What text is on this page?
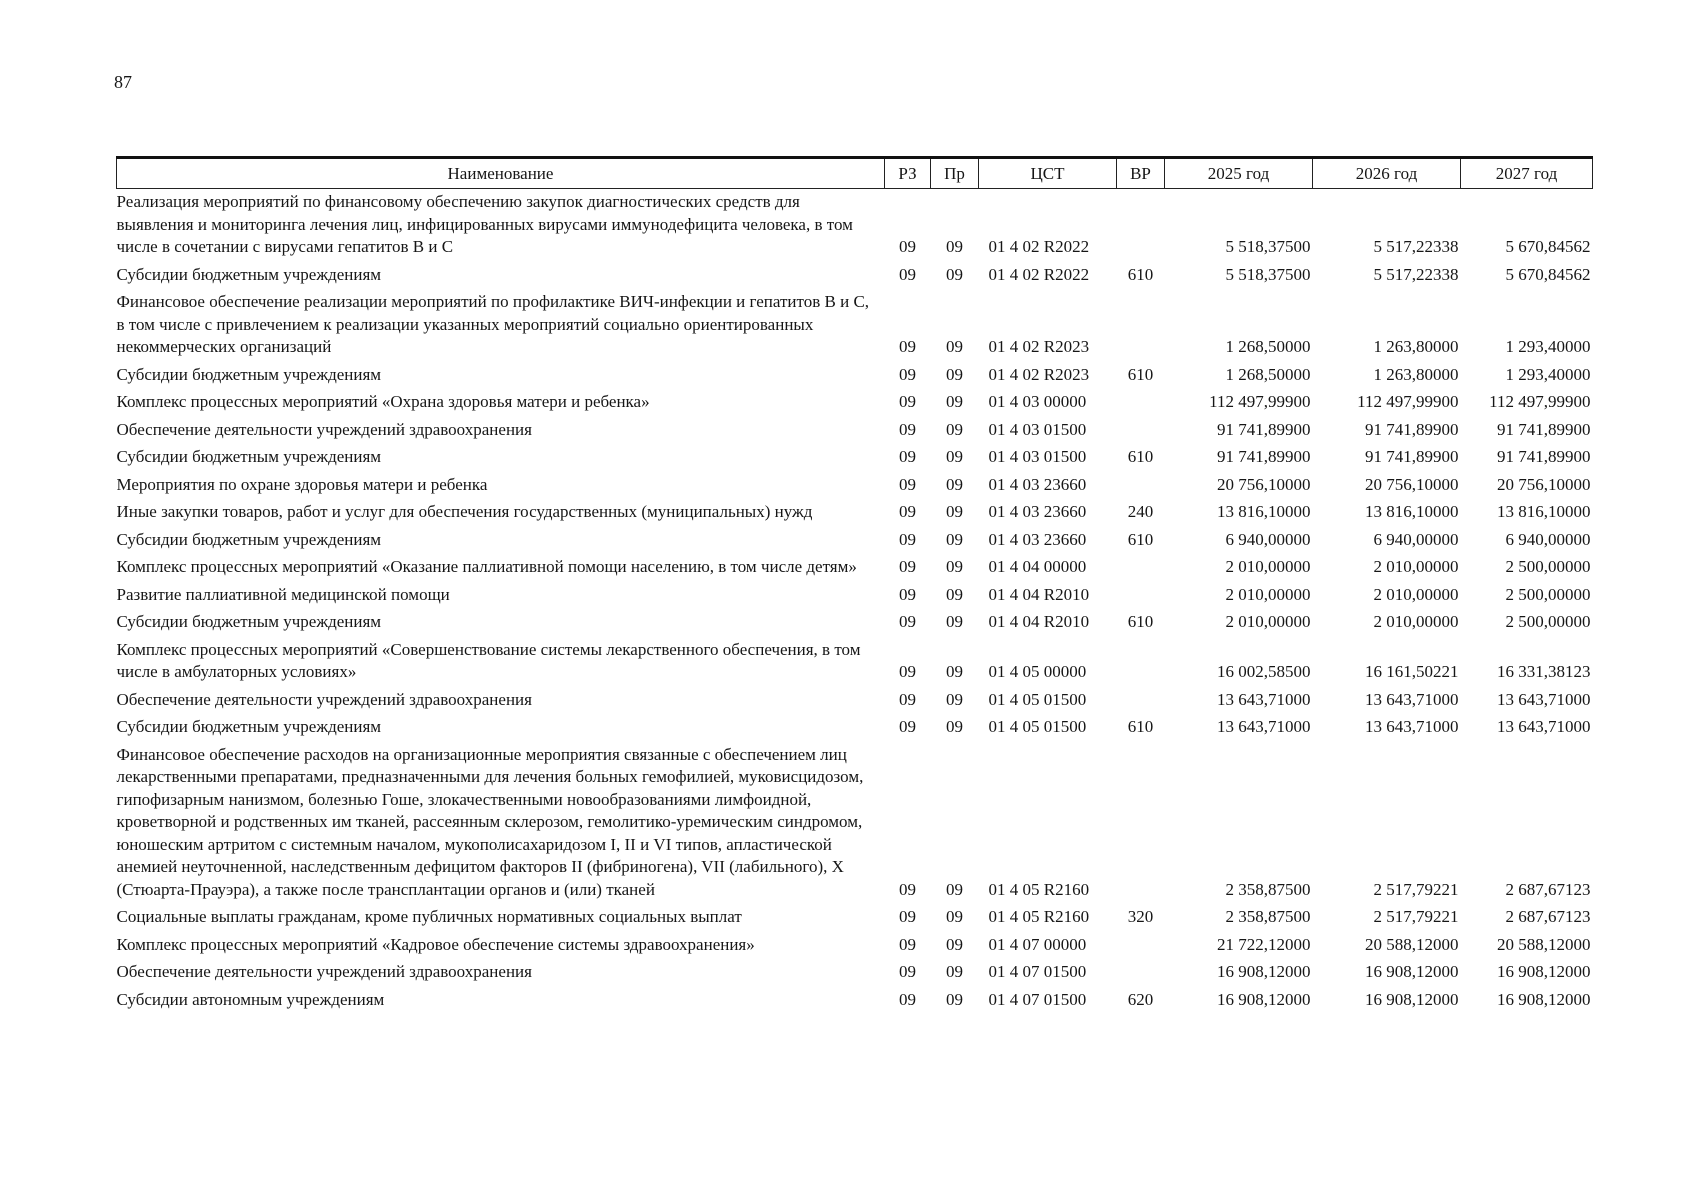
87
Наименование	РЗ	Пр	ЦСТ	ВР	2025 год	2026 год	2027 год
Реализация мероприятий по финансовому обеспечению закупок диагностических средств для выявления и мониторинга лечения лиц, инфицированных вирусами иммунодефицита человека, в том числе в сочетании с вирусами гепатитов B и C	09	09	01 4 02 R2022		5 518,37500	5 517,22338	5 670,84562
Субсидии бюджетным учреждениям	09	09	01 4 02 R2022	610	5 518,37500	5 517,22338	5 670,84562
Финансовое обеспечение реализации мероприятий по профилактике ВИЧ-инфекции и гепатитов B и C, в том числе с привлечением к реализации указанных мероприятий социально ориентированных некоммерческих организаций	09	09	01 4 02 R2023		1 268,50000	1 263,80000	1 293,40000
Субсидии бюджетным учреждениям	09	09	01 4 02 R2023	610	1 268,50000	1 263,80000	1 293,40000
Комплекс процессных мероприятий «Охрана здоровья матери и ребенка»	09	09	01 4 03 00000		112 497,99900	112 497,99900	112 497,99900
Обеспечение деятельности учреждений здравоохранения	09	09	01 4 03 01500		91 741,89900	91 741,89900	91 741,89900
Субсидии бюджетным учреждениям	09	09	01 4 03 01500	610	91 741,89900	91 741,89900	91 741,89900
Мероприятия по охране здоровья матери и ребенка	09	09	01 4 03 23660		20 756,10000	20 756,10000	20 756,10000
Иные закупки товаров, работ и услуг для обеспечения государственных (муниципальных) нужд	09	09	01 4 03 23660	240	13 816,10000	13 816,10000	13 816,10000
Субсидии бюджетным учреждениям	09	09	01 4 03 23660	610	6 940,00000	6 940,00000	6 940,00000
Комплекс процессных мероприятий «Оказание паллиативной помощи населению, в том числе детям»	09	09	01 4 04 00000		2 010,00000	2 010,00000	2 500,00000
Развитие паллиативной медицинской помощи	09	09	01 4 04 R2010		2 010,00000	2 010,00000	2 500,00000
Субсидии бюджетным учреждениям	09	09	01 4 04 R2010	610	2 010,00000	2 010,00000	2 500,00000
Комплекс процессных мероприятий «Совершенствование системы лекарственного обеспечения, в том числе в амбулаторных условиях»	09	09	01 4 05 00000		16 002,58500	16 161,50221	16 331,38123
Обеспечение деятельности учреждений здравоохранения	09	09	01 4 05 01500		13 643,71000	13 643,71000	13 643,71000
Субсидии бюджетным учреждениям	09	09	01 4 05 01500	610	13 643,71000	13 643,71000	13 643,71000
Финансовое обеспечение расходов на организационные мероприятия связанные с обеспечением лиц лекарственными препаратами, предназначенными для лечения больных гемофилией, муковисцидозом, гипофизарным нанизмом, болезнью Гоше, злокачественными новообразованиями лимфоидной, кроветворной и родственных им тканей, рассеянным склерозом, гемолитико-уремическим синдромом, юношеским артритом с системным началом, мукополисахаридозом I, II и VI типов, апластической анемией неуточненной, наследственным дефицитом факторов II (фибриногена), VII (лабильного), X (Стюарта-Прауэра), а также после трансплантации органов и (или) тканей	09	09	01 4 05 R2160		2 358,87500	2 517,79221	2 687,67123
Социальные выплаты гражданам, кроме публичных нормативных социальных выплат	09	09	01 4 05 R2160	320	2 358,87500	2 517,79221	2 687,67123
Комплекс процессных мероприятий «Кадровое обеспечение системы здравоохранения»	09	09	01 4 07 00000		21 722,12000	20 588,12000	20 588,12000
Обеспечение деятельности учреждений здравоохранения	09	09	01 4 07 01500		16 908,12000	16 908,12000	16 908,12000
Субсидии автономным учреждениям	09	09	01 4 07 01500	620	16 908,12000	16 908,12000	16 908,12000
